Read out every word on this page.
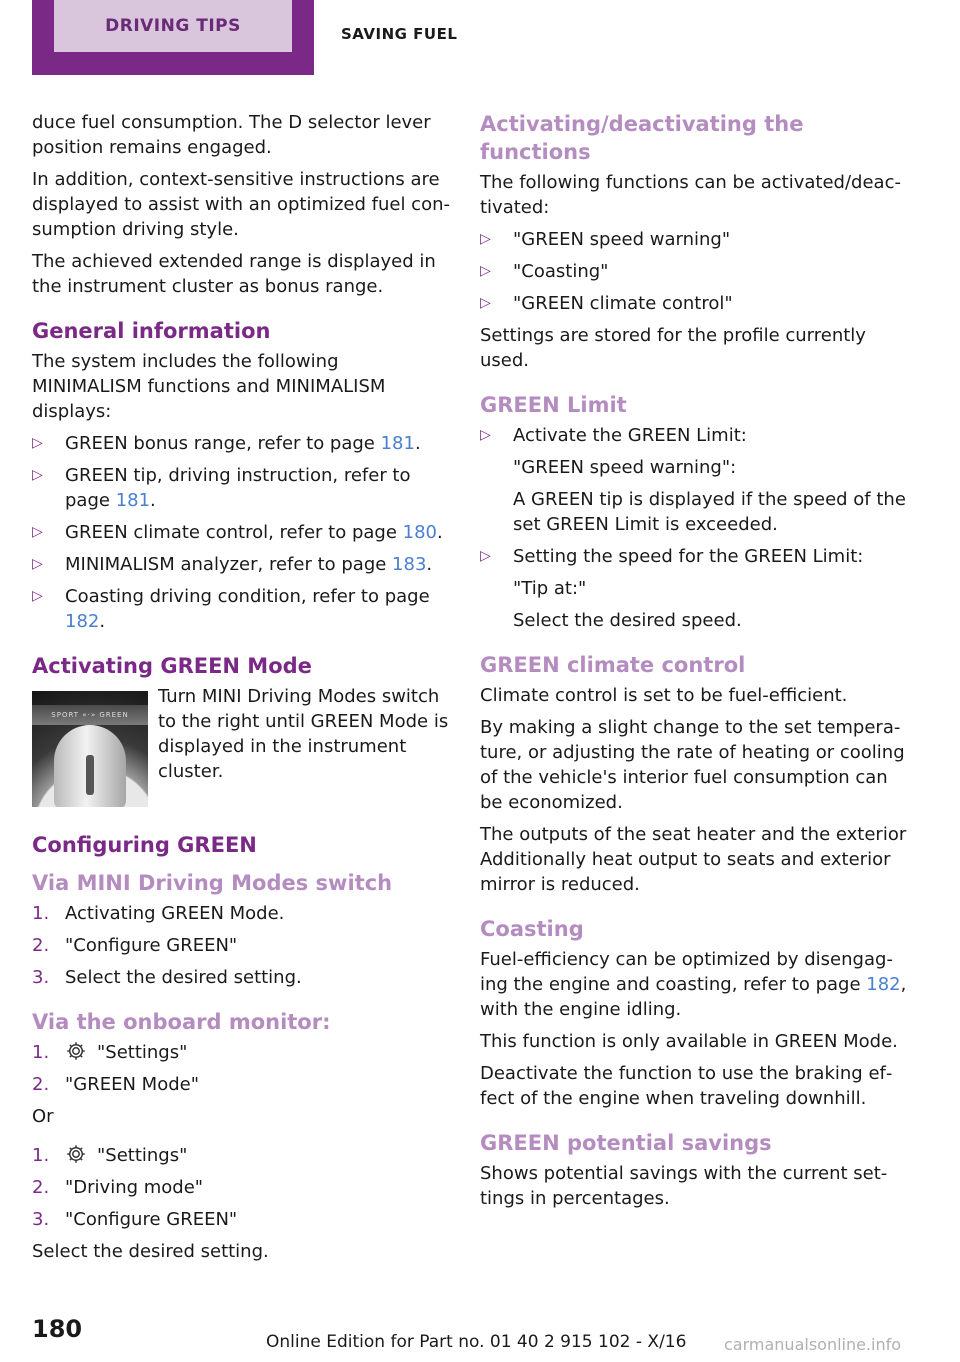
DRIVING TIPS	SAVING FUEL

duce fuel consumption. The D selector lever position remains engaged.

In addition, context-sensitive instructions are displayed to assist with an optimized fuel consumption driving style.

The achieved extended range is displayed in the instrument cluster as bonus range.

General information

The system includes the following MINIMALISM functions and MINIMALISM displays:

▷ GREEN bonus range, refer to page 181.
▷ GREEN tip, driving instruction, refer to page 181.
▷ GREEN climate control, refer to page 180.
▷ MINIMALISM analyzer, refer to page 183.
▷ Coasting driving condition, refer to page 182.
Activating GREEN Mode
SPORT «·» GREEN

Turn MINI Driving Modes switch to the right until GREEN Mode is displayed in the instrument cluster.

Configuring GREEN
Via MINI Driving Modes switch
1. Activating GREEN Mode.
2. "Configure GREEN"
3. Select the desired setting.
Via the onboard monitor:
1.	"Settings"
2. "GREEN Mode"

Or

1.	"Settings"
2. "Driving mode"
3. "Configure GREEN"

Select the desired setting.

Activating/deactivating the functions

The following functions can be activated/deactivated:

▷ "GREEN speed warning"
▷ "Coasting"
▷ "GREEN climate control"

Settings are stored for the profile currently used.

GREEN Limit
▷ Activate the GREEN Limit:
"GREEN speed warning":
A GREEN tip is displayed if the speed of the set GREEN Limit is exceeded.
▷ Setting the speed for the GREEN Limit:
"Tip at:"
Select the desired speed.
GREEN climate control

Climate control is set to be fuel-efficient.

By making a slight change to the set temperature, or adjusting the rate of heating or cooling of the vehicle's interior fuel consumption can be economized.

The outputs of the seat heater and the exterior Additionally heat output to seats and exterior mirror is reduced.

Coasting

Fuel-efficiency can be optimized by disengaging the engine and coasting, refer to page 182, with the engine idling.

This function is only available in GREEN Mode.

Deactivate the function to use the braking effect of the engine when traveling downhill.

GREEN potential savings

Shows potential savings with the current settings in percentages.

180	Online Edition for Part no. 01 40 2 915 102 - X/16 carmanualsonline.info
